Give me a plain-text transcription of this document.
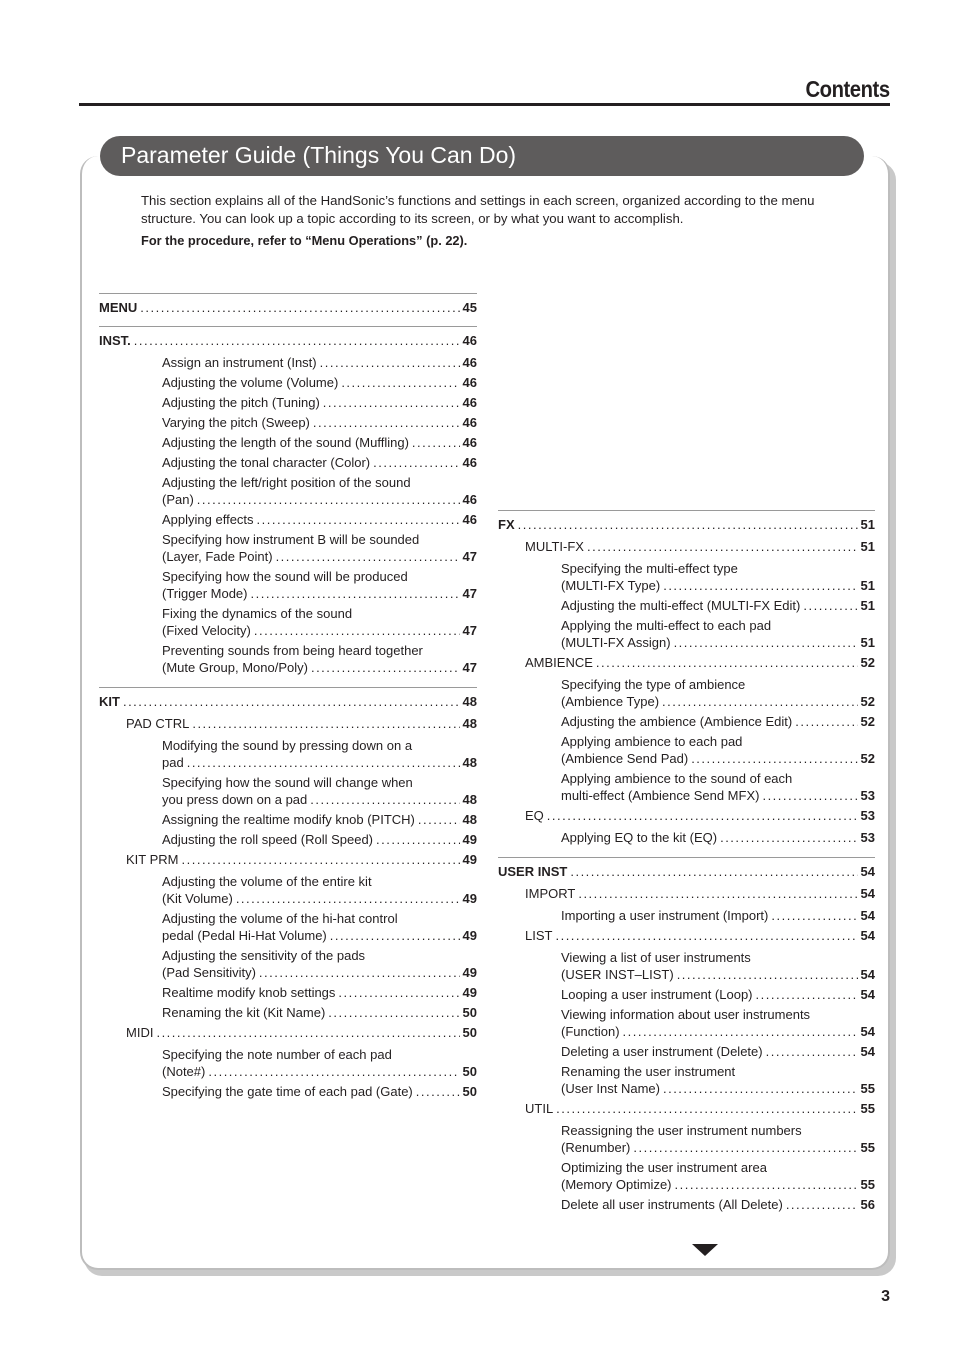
Contents
Parameter Guide (Things You Can Do)
This section explains all of the HandSonic’s functions and settings in each screen, organized according to the menu structure. You can look up a topic according to its screen, or by what you want to accomplish.
For the procedure, refer to “Menu Operations” (p. 22).
MENU .....	45
INST. .....	46
Assign an instrument (Inst) .....	46
Adjusting the volume (Volume) .....	46
Adjusting the pitch (Tuning) .....	46
Varying the pitch (Sweep) .....	46
Adjusting the length of the sound (Muffling) .....	46
Adjusting the tonal character (Color) .....	46
Adjusting the left/right position of the sound
(Pan) .....	46
Applying effects .....	46
Specifying how instrument B will be sounded
(Layer, Fade Point) .....	47
Specifying how the sound will be produced
(Trigger Mode) .....	47
Fixing the dynamics of the sound
(Fixed Velocity) .....	47
Preventing sounds from being heard together
(Mute Group, Mono/Poly) .....	47
KIT .....	48
PAD CTRL .....	48
Modifying the sound by pressing down on a
pad .....	48
Specifying how the sound will change when
you press down on a pad .....	48
Assigning the realtime modify knob (PITCH) .....	48
Adjusting the roll speed (Roll Speed) .....	49
KIT PRM .....	49
Adjusting the volume of the entire kit
(Kit Volume) .....	49
Adjusting the volume of the hi-hat control
pedal (Pedal Hi-Hat Volume) .....	49
Adjusting the sensitivity of the pads
(Pad Sensitivity) .....	49
Realtime modify knob settings .....	49
Renaming the kit (Kit Name) .....	50
MIDI .....	50
Specifying the note number of each pad
(Note#) .....	50
Specifying the gate time of each pad (Gate) .....	50
FX .....	51
MULTI-FX .....	51
Specifying the multi-effect type
(MULTI-FX Type) .....	51
Adjusting the multi-effect (MULTI-FX Edit) .....	51
Applying the multi-effect to each pad
(MULTI-FX Assign) .....	51
AMBIENCE .....	52
Specifying the type of ambience
(Ambience Type) .....	52
Adjusting the ambience (Ambience Edit) .....	52
Applying ambience to each pad
(Ambience Send Pad) .....	52
Applying ambience to the sound of each
multi-effect (Ambience Send MFX) .....	53
EQ .....	53
Applying EQ to the kit (EQ) .....	53
USER INST .....	54
IMPORT .....	54
Importing a user instrument (Import) .....	54
LIST .....	54
Viewing a list of user instruments
(USER INST–LIST) .....	54
Looping a user instrument (Loop) .....	54
Viewing information about user instruments
(Function) .....	54
Deleting a user instrument (Delete) .....	54
Renaming the user instrument
(User Inst Name) .....	55
UTIL .....	55
Reassigning the user instrument numbers
(Renumber) .....	55
Optimizing the user instrument area
(Memory Optimize) .....	55
Delete all user instruments (All Delete) .....	56
3
